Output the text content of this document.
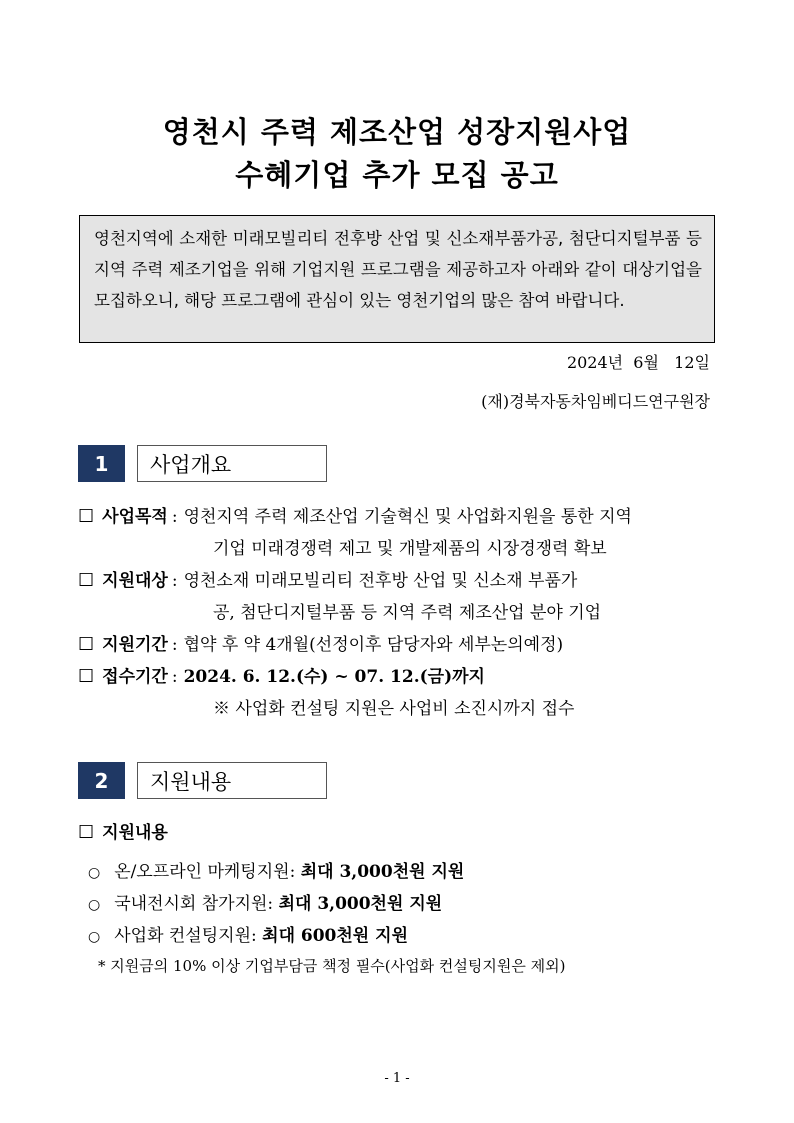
영천시 주력 제조산업 성장지원사업
수혜기업 추가 모집 공고
영천지역에 소재한 미래모빌리티 전후방 산업 및 신소재부품가공, 첨단디지털부품 등 지역 주력 제조기업을 위해 기업지원 프로그램을 제공하고자 아래와 같이 대상기업을 모집하오니, 해당 프로그램에 관심이 있는 영천기업의 많은 참여 바랍니다.
2024년  6월   12일
(재)경북자동차임베디드연구원장
1	사업개요
☐ 사업목적 : 영천지역 주력 제조산업 기술혁신 및 사업화지원을 통한 지역
기업 미래경쟁력 제고 및 개발제품의 시장경쟁력 확보
☐ 지원대상 : 영천소재 미래모빌리티 전후방 산업 및 신소재 부품가
공, 첨단디지털부품 등 지역 주력 제조산업 분야 기업
☐ 지원기간 : 협약 후 약 4개월(선정이후 담당자와 세부논의예정)
☐ 접수기간 : 2024. 6. 12.(수) ~ 07. 12.(금)까지
※ 사업화 컨설팅 지원은 사업비 소진시까지 접수
2	지원내용
☐ 지원내용
○ 온/오프라인 마케팅지원: 최대 3,000천원 지원
○ 국내전시회 참가지원: 최대 3,000천원 지원
○ 사업화 컨설팅지원: 최대 600천원 지원
* 지원금의 10% 이상 기업부담금 책정 필수(사업화 컨설팅지원은 제외)
- 1 -
